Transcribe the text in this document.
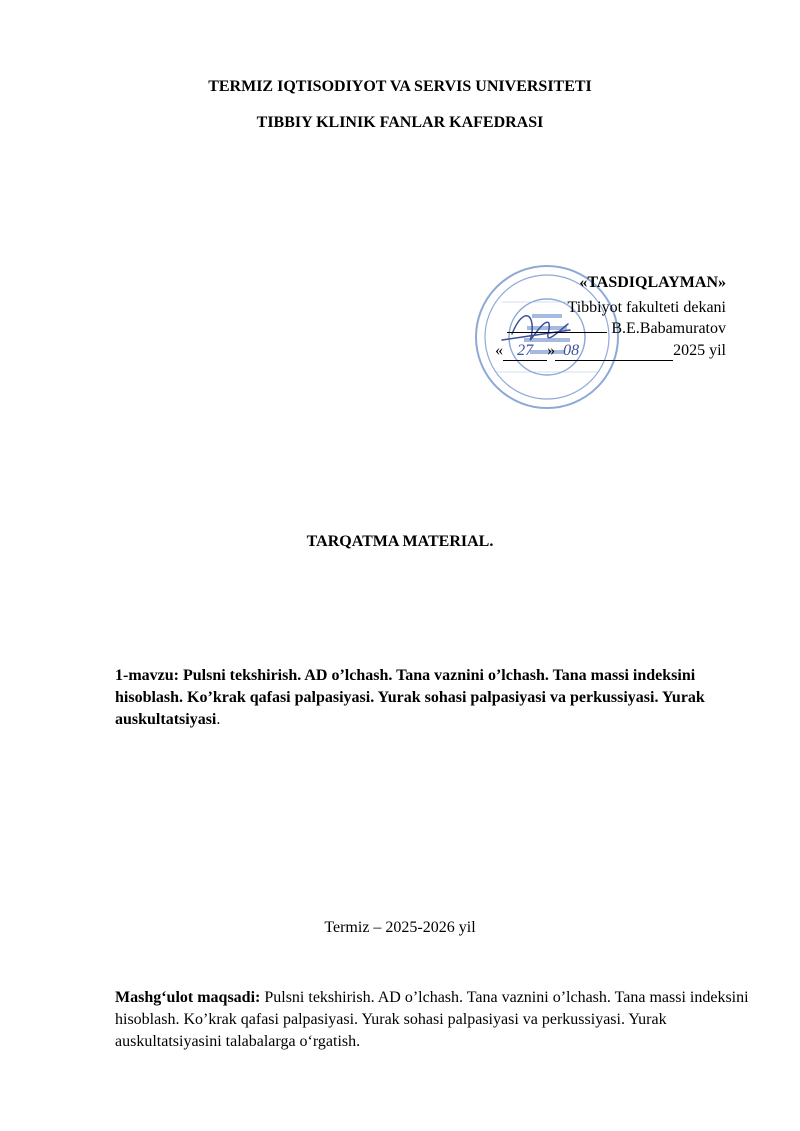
TERMIZ IQTISODIYOT VA SERVIS UNIVERSITETI
TIBBIY KLINIK FANLAR KAFEDRASI
«TASDIQLAYMAN»
Tibbiyot fakulteti dekani
B.E.Babamuratov
« 27 » 08	2025 yil
TARQATMA MATERIAL.
1-mavzu: Pulsni tekshirish. AD o’lchash. Tana vaznini o’lchash. Tana massi indeksini hisoblash. Ko’krak qafasi palpasiyasi. Yurak sohasi palpasiyasi va perkussiyasi. Yurak auskultatsiyasi.
Termiz – 2025-2026 yil
Mashg‘ulot maqsadi: Pulsni tekshirish. AD o’lchash. Tana vaznini o’lchash. Tana massi indeksini hisoblash. Ko’krak qafasi palpasiyasi. Yurak sohasi palpasiyasi va perkussiyasi. Yurak auskultatsiyasini talabalarga o‘rgatish.
